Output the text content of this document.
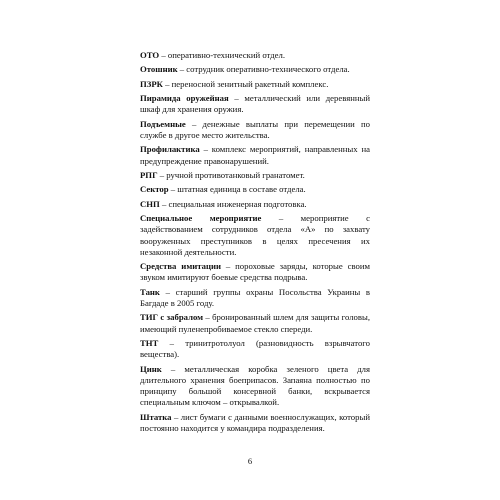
ОТО – оперативно-технический отдел.

Отошник – сотрудник оперативно-технического отдела.

ПЗРК – переносной зенитный ракетный комплекс.

Пирамида оружейная – металлический или деревянный шкаф для хранения оружия.

Подъемные – денежные выплаты при перемещении по службе в другое место жительства.

Профилактика – комплекс мероприятий, направленных на предупреждение правонарушений.

РПГ – ручной противотанковый гранатомет.

Сектор – штатная единица в составе отдела.

СНП – специальная инженерная подготовка.

Специальное мероприятие – мероприятие с задействованием сотрудников отдела «А» по захвату вооруженных преступников в целях пресечения их незаконной деятельности.

Средства имитации – пороховые заряды, которые своим звуком имитируют боевые средства подрыва.

Танк – старший группы охраны Посольства Украины в Багдаде в 2005 году.

ТИГ с забралом – бронированный шлем для защиты головы, имеющий пуленепробиваемое стекло спереди.

ТНТ – тринитротолуол (разновидность взрывчатого вещества).

Цинк – металлическая коробка зеленого цвета для длительного хранения боеприпасов. Запаяна полностью по принципу большой консервной банки, вскрывается специальным ключом – открывалкой.

Штатка – лист бумаги с данными военнослужащих, который постоянно находится у командира подразделения.

6
